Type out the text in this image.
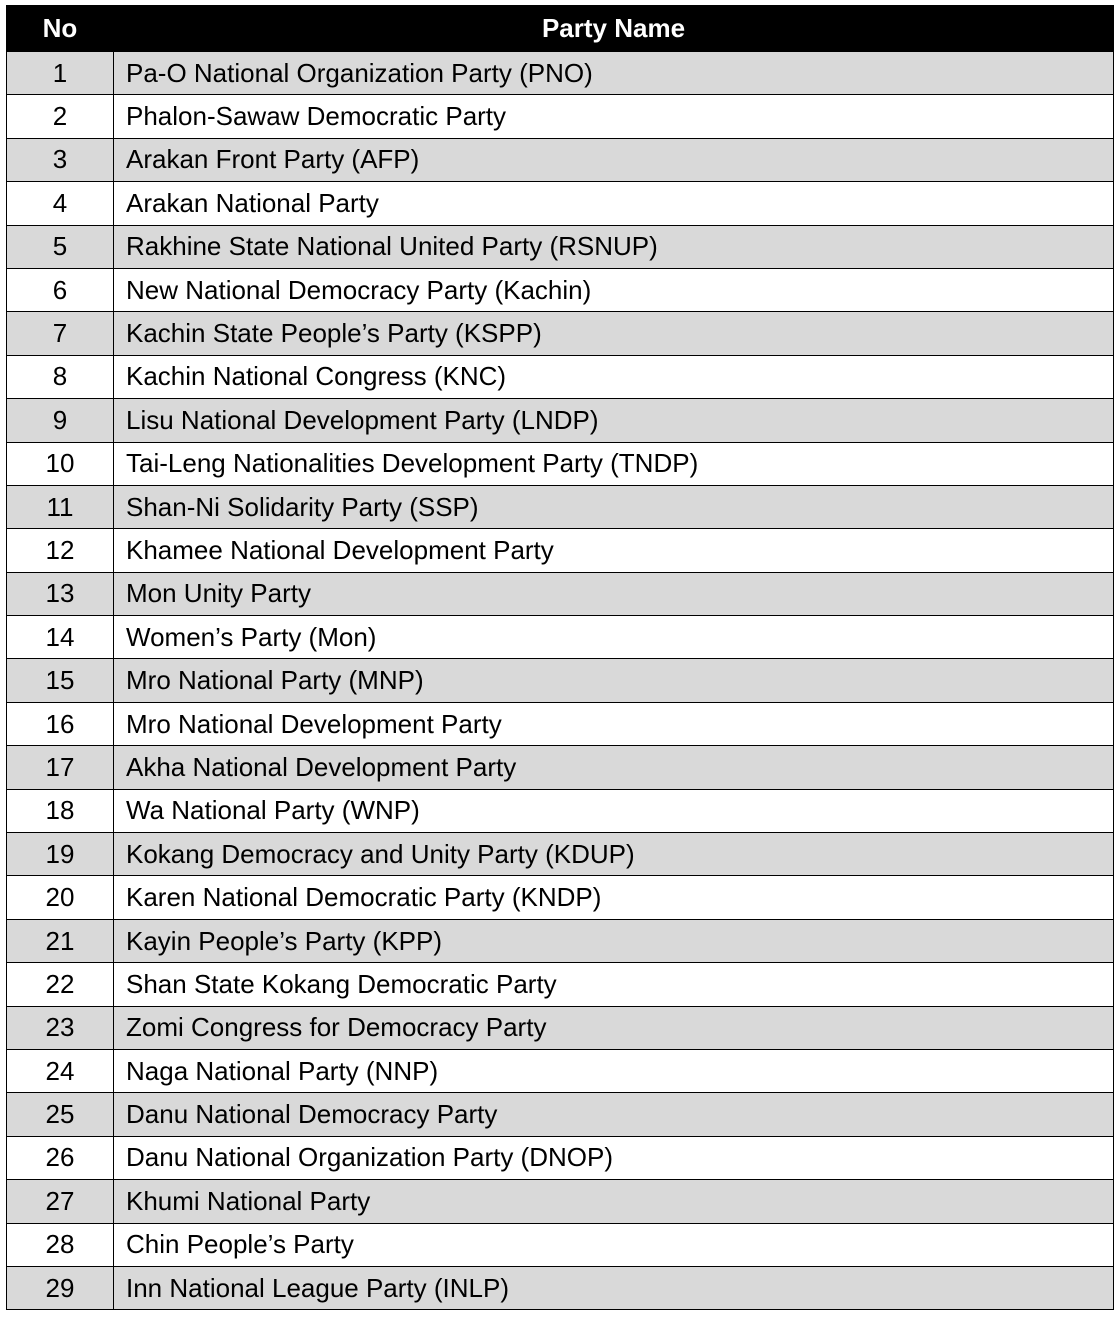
No	Party Name
1	Pa-O National Organization Party (PNO)
2	Phalon-Sawaw Democratic Party
3	Arakan Front Party (AFP)
4	Arakan National Party
5	Rakhine State National United Party (RSNUP)
6	New National Democracy Party (Kachin)
7	Kachin State People’s Party (KSPP)
8	Kachin National Congress (KNC)
9	Lisu National Development Party (LNDP)
10	Tai-Leng Nationalities Development Party (TNDP)
11	Shan-Ni Solidarity Party (SSP)
12	Khamee National Development Party
13	Mon Unity Party
14	Women’s Party (Mon)
15	Mro National Party (MNP)
16	Mro National Development Party
17	Akha National Development Party
18	Wa National Party (WNP)
19	Kokang Democracy and Unity Party (KDUP)
20	Karen National Democratic Party (KNDP)
21	Kayin People’s Party (KPP)
22	Shan State Kokang Democratic Party
23	Zomi Congress for Democracy Party
24	Naga National Party (NNP)
25	Danu National Democracy Party
26	Danu National Organization Party (DNOP)
27	Khumi National Party
28	Chin People’s Party
29	Inn National League Party (INLP)
